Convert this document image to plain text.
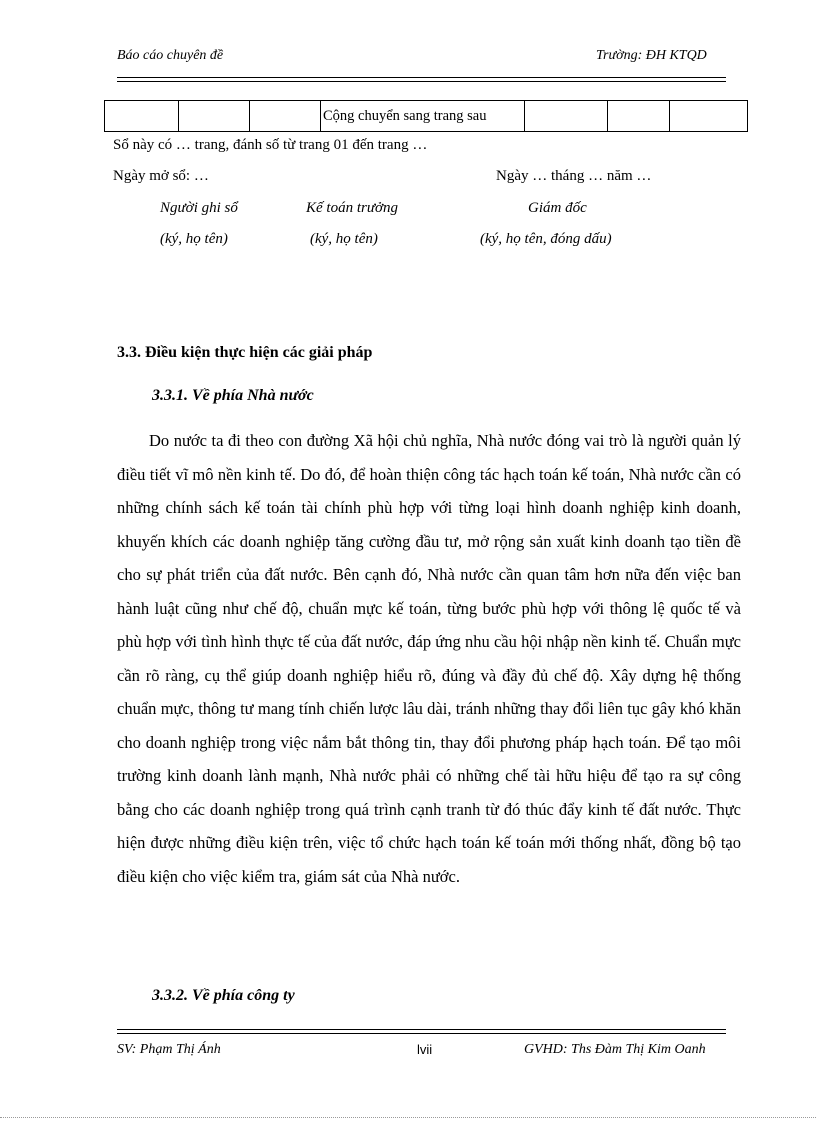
Báo cáo chuyên đề	Trường: ĐH KTQD
			Cộng chuyển sang trang sau			
Sổ này có … trang, đánh số từ trang 01 đến trang …
Ngày mở sổ: …	Ngày … tháng … năm …
Người ghi sổ	Kế toán trưởng	Giám đốc
(ký, họ tên)	(ký, họ tên)	(ký, họ tên, đóng dấu)
3.3. Điều kiện thực hiện các giải pháp
3.3.1. Về phía Nhà nước

Do nước ta đi theo con đường Xã hội chủ nghĩa, Nhà nước đóng vai trò là người quản lý điều tiết vĩ mô nền kinh tế. Do đó, để hoàn thiện công tác hạch toán kế toán, Nhà nước cần có những chính sách kế toán tài chính phù hợp với từng loại hình doanh nghiệp kinh doanh, khuyến khích các doanh nghiệp tăng cường đầu tư, mở rộng sản xuất kinh doanh tạo tiền đề cho sự phát triển của đất nước. Bên cạnh đó, Nhà nước cần quan tâm hơn nữa đến việc ban hành luật cũng như chế độ, chuẩn mực kế toán, từng bước phù hợp với thông lệ quốc tế và phù hợp với tình hình thực tế của đất nước, đáp ứng nhu cầu hội nhập nền kinh tế. Chuẩn mực cần rõ ràng, cụ thể giúp doanh nghiệp hiểu rõ, đúng và đầy đủ chế độ. Xây dựng hệ thống chuẩn mực, thông tư mang tính chiến lược lâu dài, tránh những thay đổi liên tục gây khó khăn cho doanh nghiệp trong việc nắm bắt thông tin, thay đổi phương pháp hạch toán. Để tạo môi trường kinh doanh lành mạnh, Nhà nước phải có những chế tài hữu hiệu để tạo ra sự công bằng cho các doanh nghiệp trong quá trình cạnh tranh từ đó thúc đẩy kinh tế đất nước. Thực hiện được những điều kiện trên, việc tổ chức hạch toán kế toán mới thống nhất, đồng bộ tạo điều kiện cho việc kiểm tra, giám sát của Nhà nước.

3.3.2. Về phía công ty
SV: Phạm Thị Ánh	lvii	GVHD: Ths Đàm Thị Kim Oanh
